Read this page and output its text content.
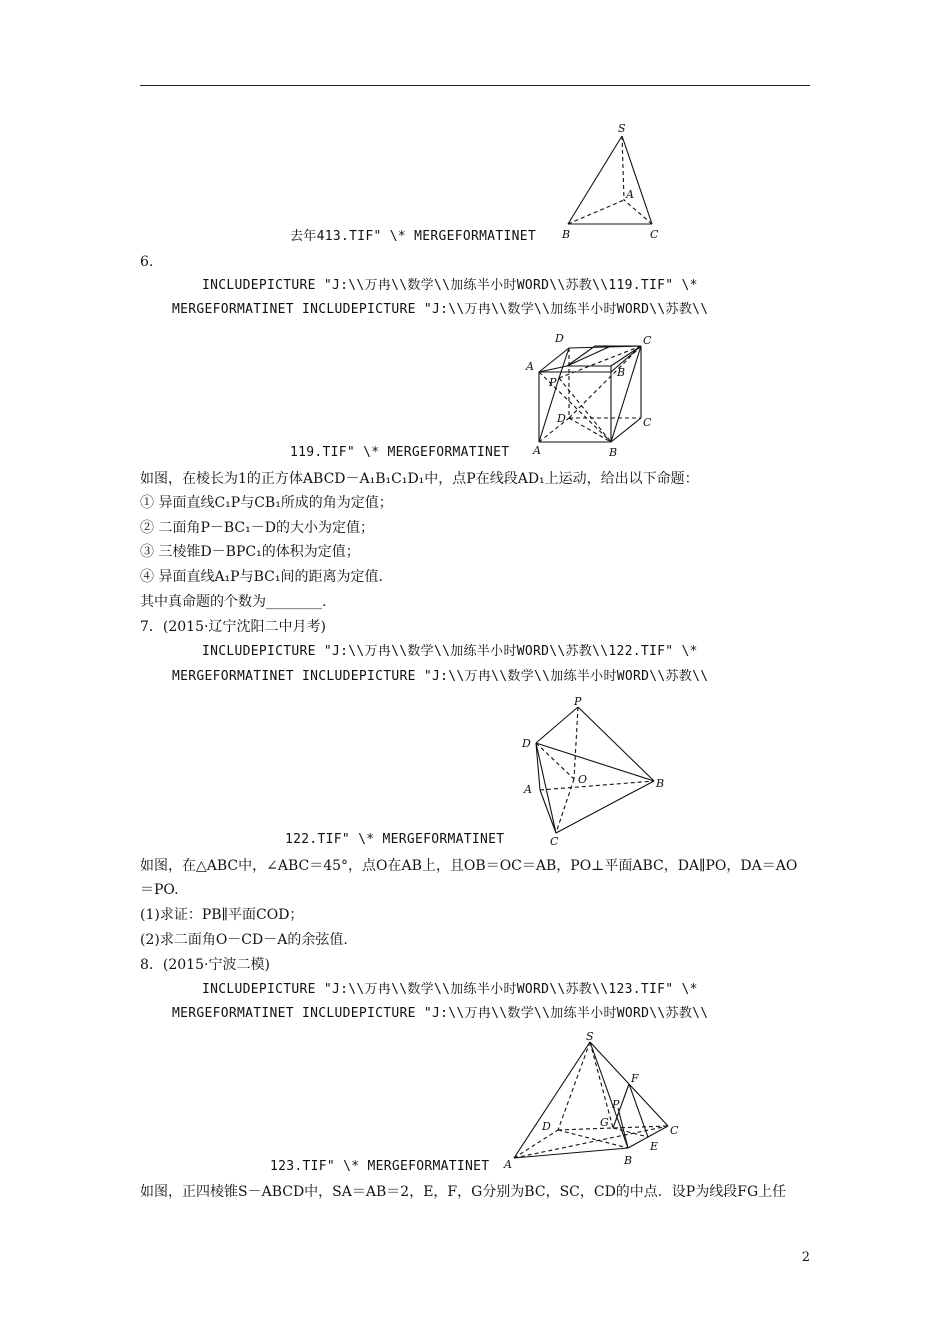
S
A
B	C
去年413.TIF" \* MERGEFORMATINET
6.
INCLUDEPICTURE "J:\\万冉\\数学\\加练半小时WORD\\苏教\\119.TIF" \*
MERGEFORMATINET INCLUDEPICTURE "J:\\万冉\\数学\\加练半小时WORD\\苏教\\
D	C
A	B
P
D	C
A	B
119.TIF" \* MERGEFORMATINET
如图，在棱长为1的正方体ABCD－A₁B₁C₁D₁中，点P在线段AD₁上运动，给出以下命题：
① 异面直线C₁P与CB₁所成的角为定值；
② 二面角P－BC₁－D的大小为定值；
③ 三棱锥D－BPC₁的体积为定值；
④ 异面直线A₁P与BC₁间的距离为定值.
其中真命题的个数为________.
7．(2015·辽宁沈阳二中月考)
INCLUDEPICTURE "J:\\万冉\\数学\\加练半小时WORD\\苏教\\122.TIF" \*
MERGEFORMATINET INCLUDEPICTURE "J:\\万冉\\数学\\加练半小时WORD\\苏教\\
P
D
O
A	B
C
122.TIF" \* MERGEFORMATINET
如图，在△ABC中，∠ABC＝45°，点O在AB上，且OB＝OC＝AB，PO⊥平面ABC，DA∥PO，DA＝AO
＝PO.
(1)求证：PB∥平面COD；
(2)求二面角O－CD－A的余弦值.
8．(2015·宁波二模)
INCLUDEPICTURE "J:\\万冉\\数学\\加练半小时WORD\\苏教\\123.TIF" \*
MERGEFORMATINET INCLUDEPICTURE "J:\\万冉\\数学\\加练半小时WORD\\苏教\\
S
F
P
G
D	C
A	B
E
123.TIF" \* MERGEFORMATINET
如图，正四棱锥S－ABCD中，SA＝AB＝2，E，F，G分别为BC，SC，CD的中点．设P为线段FG上任
2
